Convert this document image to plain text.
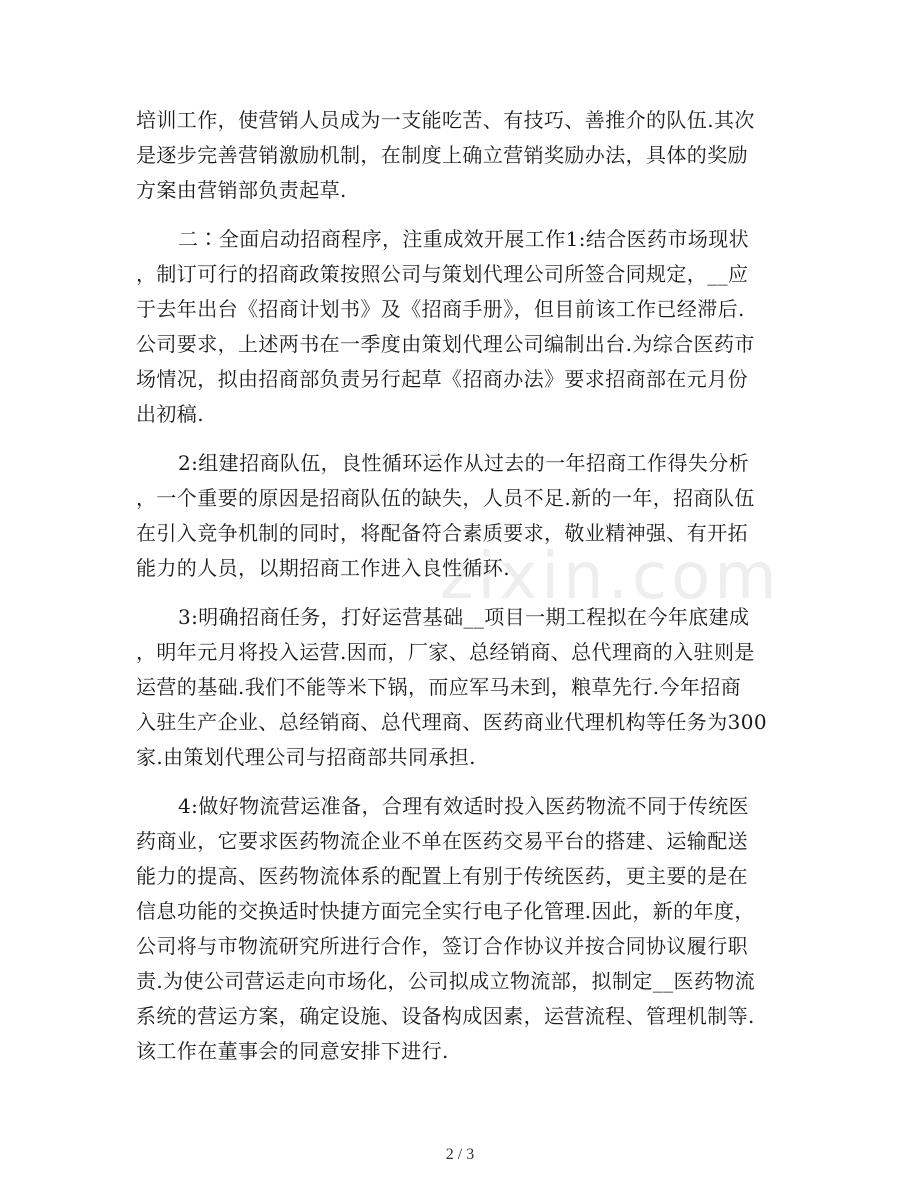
zixin.com
培训工作，使营销人员成为一支能吃苦、有技巧、善推介的队伍.其次
是逐步完善营销激励机制，在制度上确立营销奖励办法，具体的奖励
方案由营销部负责起草.
二∶全面启动招商程序，注重成效开展工作1:结合医药市场现状
，制订可行的招商政策按照公司与策划代理公司所签合同规定，__应
于去年出台《招商计划书》及《招商手册》，但目前该工作已经滞后.
公司要求，上述两书在一季度由策划代理公司编制出台.为综合医药市
场情况，拟由招商部负责另行起草《招商办法》要求招商部在元月份
出初稿.
2:组建招商队伍，良性循环运作从过去的一年招商工作得失分析
，一个重要的原因是招商队伍的缺失，人员不足.新的一年，招商队伍
在引入竞争机制的同时，将配备符合素质要求，敬业精神强、有开拓
能力的人员，以期招商工作进入良性循环.
3:明确招商任务，打好运营基础__项目一期工程拟在今年底建成
，明年元月将投入运营.因而，厂家、总经销商、总代理商的入驻则是
运营的基础.我们不能等米下锅，而应军马未到，粮草先行.今年招商
入驻生产企业、总经销商、总代理商、医药商业代理机构等任务为300
家.由策划代理公司与招商部共同承担.
4:做好物流营运准备，合理有效适时投入医药物流不同于传统医
药商业，它要求医药物流企业不单在医药交易平台的搭建、运输配送
能力的提高、医药物流体系的配置上有别于传统医药，更主要的是在
信息功能的交换适时快捷方面完全实行电子化管理.因此，新的年度，
公司将与市物流研究所进行合作，签订合作协议并按合同协议履行职
责.为使公司营运走向市场化，公司拟成立物流部，拟制定__医药物流
系统的营运方案，确定设施、设备构成因素，运营流程、管理机制等.
该工作在董事会的同意安排下进行.
2 / 3
